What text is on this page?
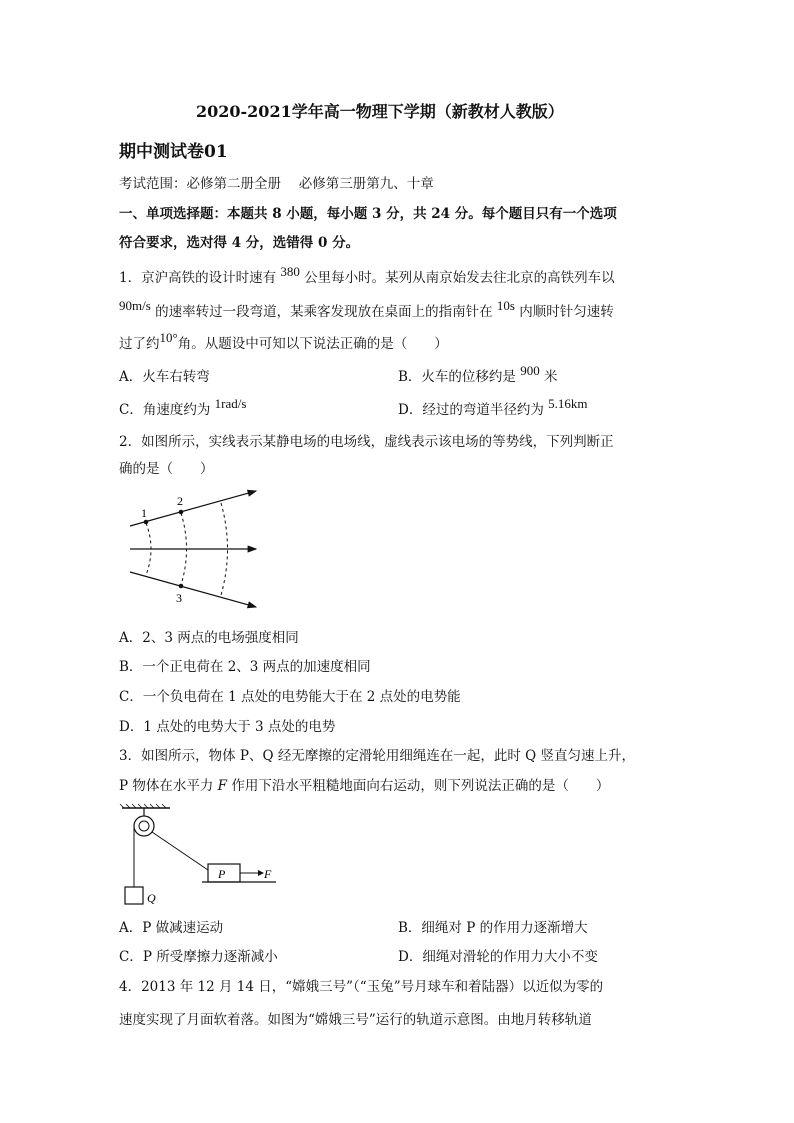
2020-2021学年高一物理下学期（新教材人教版）
期中测试卷01
考试范围：必修第二册全册　 必修第三册第九、十章
一、单项选择题：本题共 8 小题，每小题 3 分，共 24 分。每个题目只有一个选项
符合要求，选对得 4 分，选错得 0 分。
1．京沪高铁的设计时速有 380 公里每小时。某列从南京始发去往北京的高铁列车以
90m/s 的速率转过一段弯道，某乘客发现放在桌面上的指南针在 10s 内顺时针匀速转
过了约10°角。从题设中可知以下说法正确的是（　　）
A．火车右转弯	B．火车的位移约是 900 米
C．角速度约为 1rad/s	D．经过的弯道半径约为 5.16km
2．如图所示，实线表示某静电场的电场线，虚线表示该电场的等势线，下列判断正
确的是（　　）
1
2
3
A．2、3 两点的电场强度相同
B．一个正电荷在 2、3 两点的加速度相同
C．一个负电荷在 1 点处的电势能大于在 2 点处的电势能
D．1 点处的电势大于 3 点处的电势
3．如图所示，物体 P、Q 经无摩擦的定滑轮用细绳连在一起，此时 Q 竖直匀速上升，
P 物体在水平力 F 作用下沿水平粗糙地面向右运动，则下列说法正确的是（　　）
Q
P	F
A．P 做减速运动	B．细绳对 P 的作用力逐渐增大
C．P 所受摩擦力逐渐减小	D．细绳对滑轮的作用力大小不变
4．2013 年 12 月 14 日，“嫦娥三号”（“玉兔”号月球车和着陆器）以近似为零的
速度实现了月面软着落。如图为“嫦娥三号”运行的轨道示意图。由地月转移轨道
